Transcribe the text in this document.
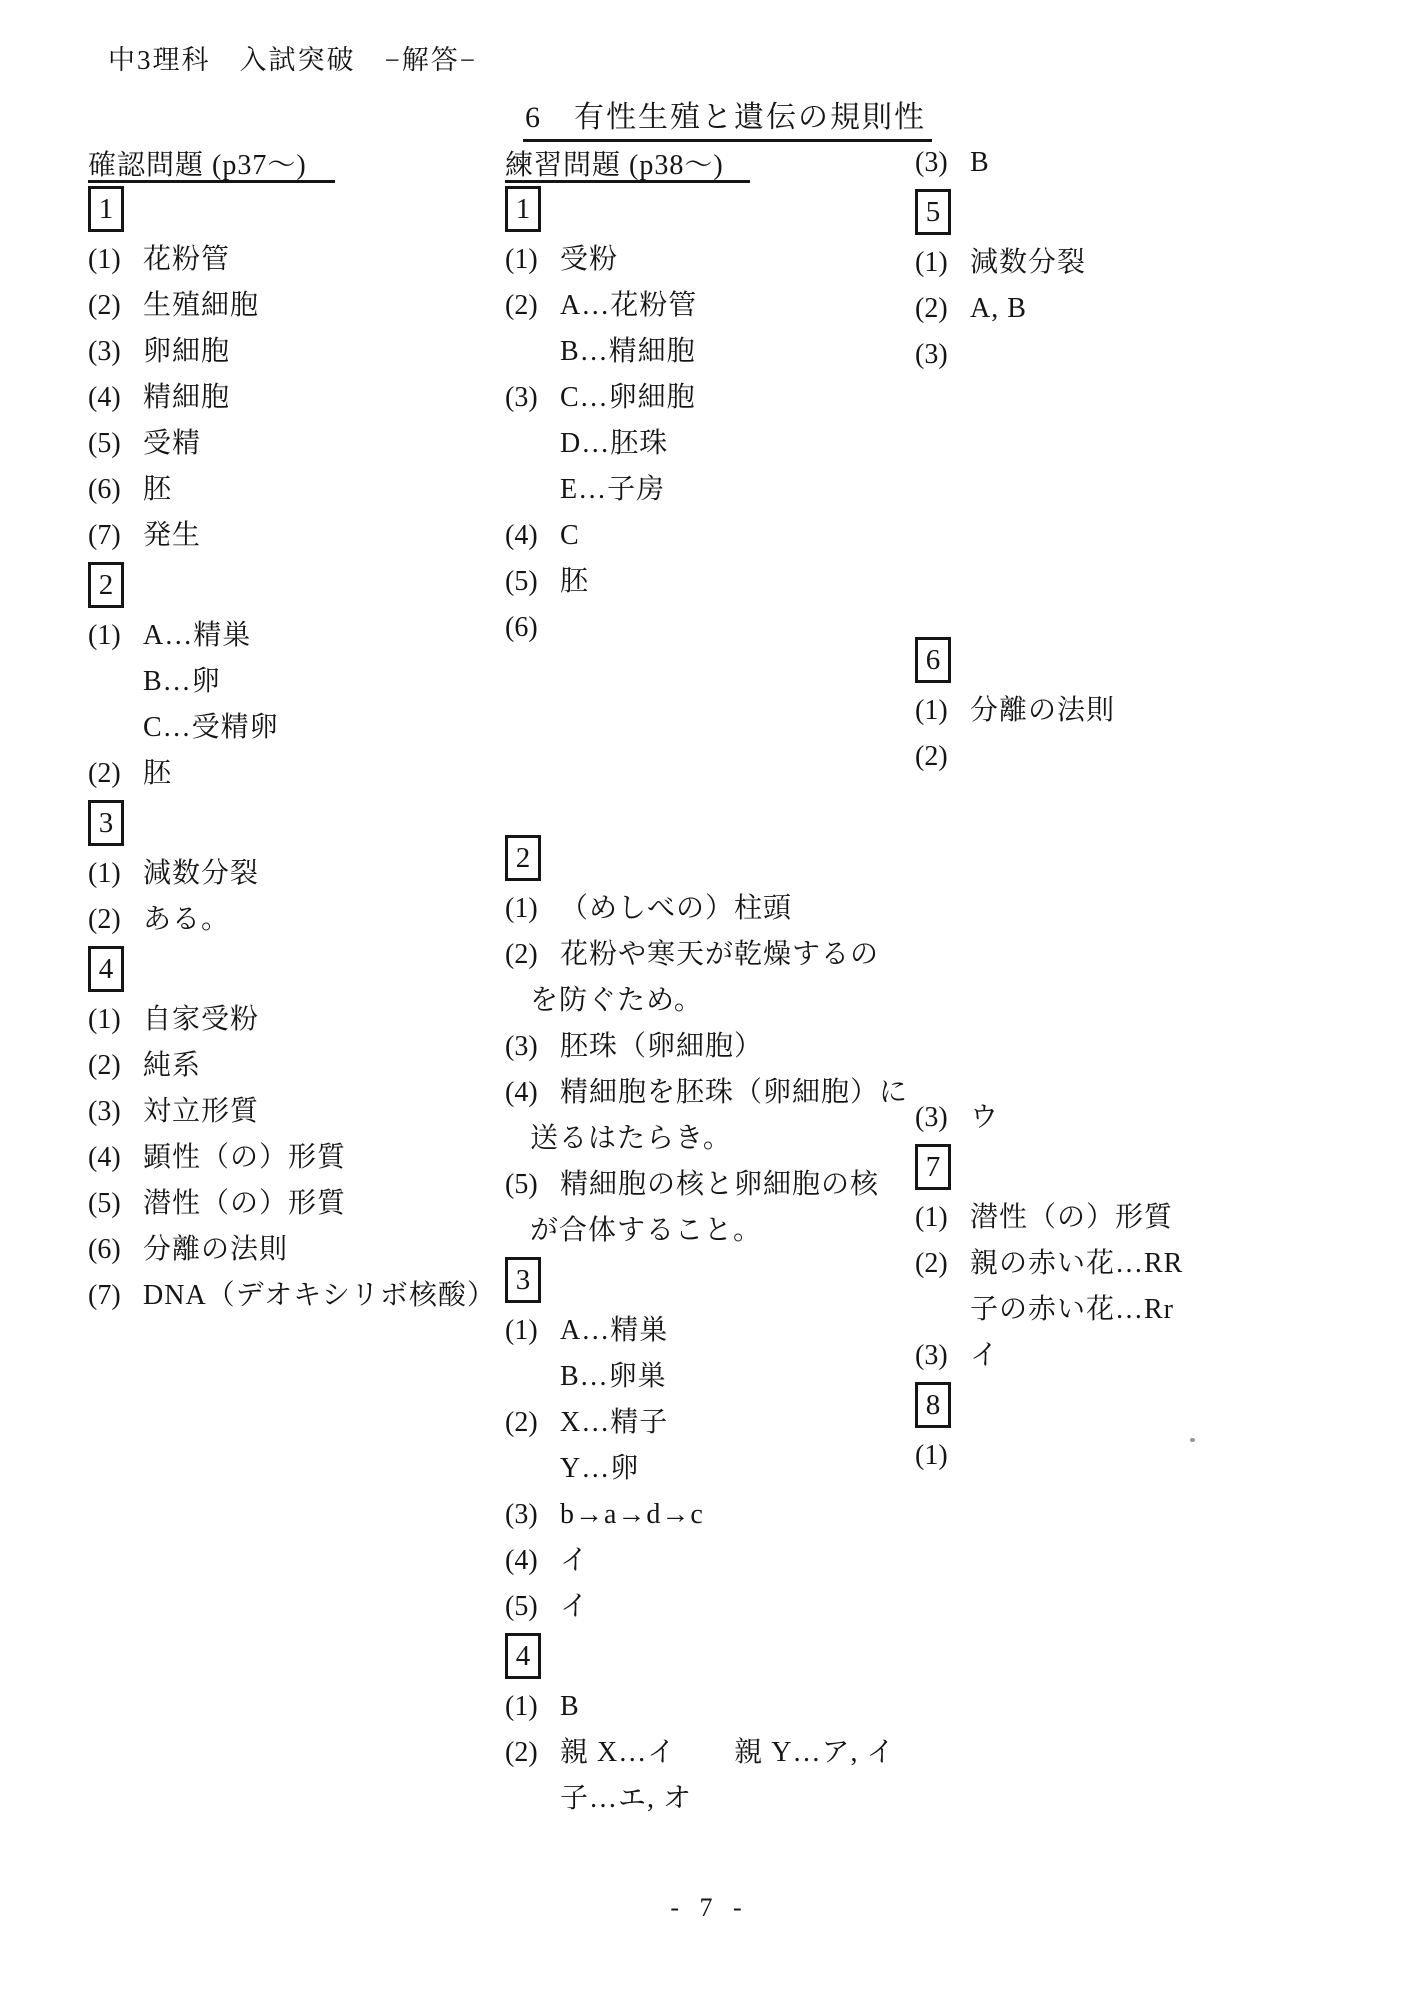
中3理科　入試突破　−解答−
6　有性生殖と遺伝の規則性
確認問題 (p37～)
1
(1) 花粉管
(2) 生殖細胞
(3) 卵細胞
(4) 精細胞
(5) 受精
(6) 胚
(7) 発生
2
(1) A…精巣
B…卵
C…受精卵
(2) 胚
3
(1) 減数分裂
(2) ある。
4
(1) 自家受粉
(2) 純系
(3) 対立形質
(4) 顕性（の）形質
(5) 潜性（の）形質
(6) 分離の法則
(7) DNA（デオキシリボ核酸）
練習問題 (p38～)
1
(1) 受粉
(2) A…花粉管
B…精細胞
(3) C…卵細胞
D…胚珠
E…子房
(4) C
(5) 胚
(6)
2
(1) （めしべの）柱頭
(2) 花粉や寒天が乾燥するの
を防ぐため。
(3) 胚珠（卵細胞）
(4) 精細胞を胚珠（卵細胞）に
送るはたらき。
(5) 精細胞の核と卵細胞の核
が合体すること。
3
(1) A…精巣
B…卵巣
(2) X…精子
Y…卵
(3) b→a→d→c
(4) イ
(5) イ
4
(1) B
(2) 親 X…イ　　親 Y…ア, イ
子…エ, オ
(3) B
5
(1) 減数分裂
(2) A, B
(3)
6
(1) 分離の法則
(2)
(3) ウ
7
(1) 潜性（の）形質
(2) 親の赤い花…RR
子の赤い花…Rr
(3) イ
8
(1)
- 7 -
